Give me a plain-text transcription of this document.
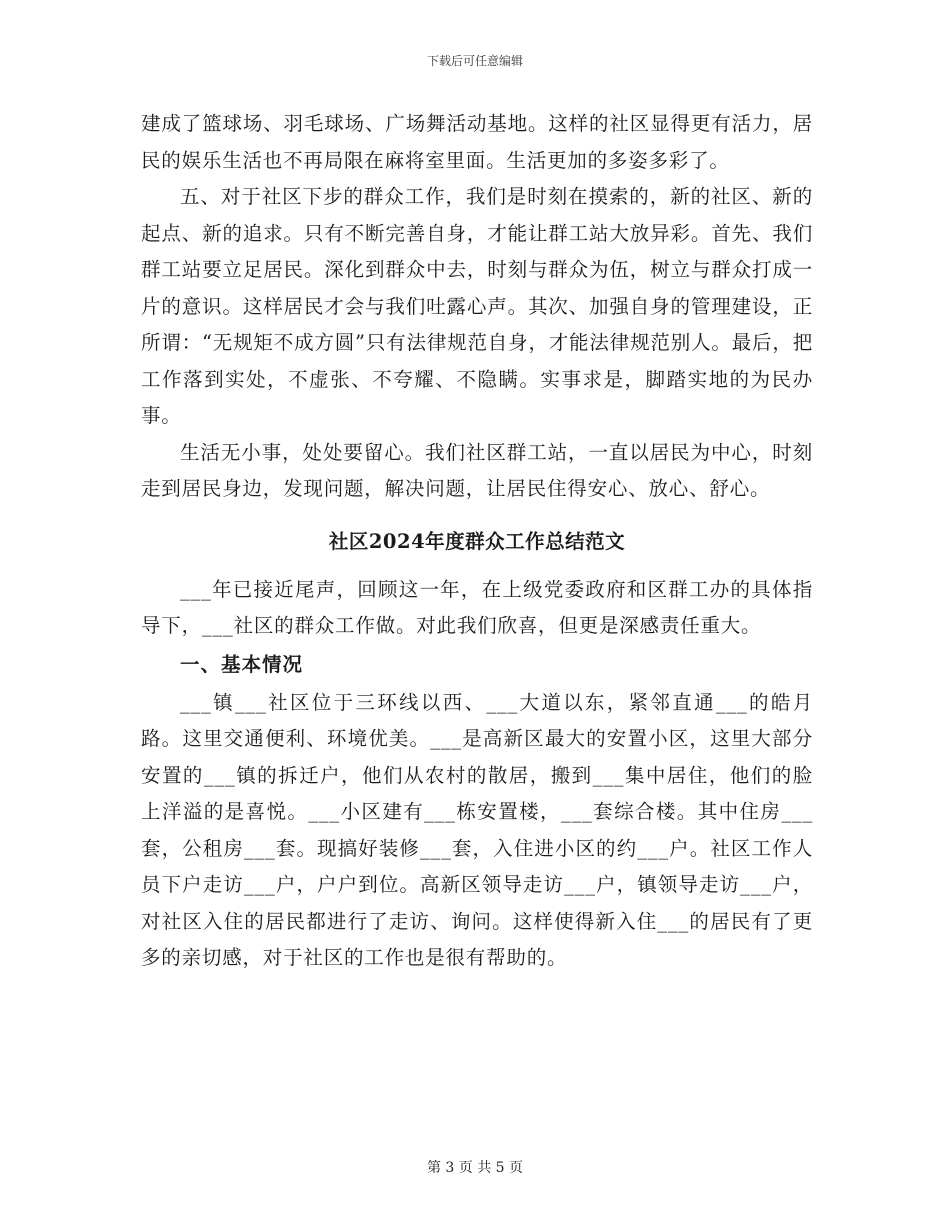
下载后可任意编辑

建成了篮球场、羽毛球场、广场舞活动基地。这样的社区显得更有活力，居民的娱乐生活也不再局限在麻将室里面。生活更加的多姿多彩了。

五、对于社区下步的群众工作，我们是时刻在摸索的，新的社区、新的起点、新的追求。只有不断完善自身，才能让群工站大放异彩。首先、我们群工站要立足居民。深化到群众中去，时刻与群众为伍，树立与群众打成一片的意识。这样居民才会与我们吐露心声。其次、加强自身的管理建设，正所谓：“无规矩不成方圆”只有法律规范自身，才能法律规范别人。最后，把工作落到实处，不虚张、不夸耀、不隐瞒。实事求是，脚踏实地的为民办事。

生活无小事，处处要留心。我们社区群工站，一直以居民为中心，时刻走到居民身边，发现问题，解决问题，让居民住得安心、放心、舒心。

社区2024年度群众工作总结范文

___年已接近尾声，回顾这一年，在上级党委政府和区群工办的具体指导下，___社区的群众工作做。对此我们欣喜，但更是深感责任重大。

一、基本情况

___镇___社区位于三环线以西、___大道以东，紧邻直通___的皓月路。这里交通便利、环境优美。___是高新区最大的安置小区，这里大部分安置的___镇的拆迁户，他们从农村的散居，搬到___集中居住，他们的脸上洋溢的是喜悦。___小区建有___栋安置楼，___套综合楼。其中住房___套，公租房___套。现搞好装修___套，入住进小区的约___户。社区工作人员下户走访___户，户户到位。高新区领导走访___户，镇领导走访___户，对社区入住的居民都进行了走访、询问。这样使得新入住___的居民有了更多的亲切感，对于社区的工作也是很有帮助的。

第 3 页 共 5 页
